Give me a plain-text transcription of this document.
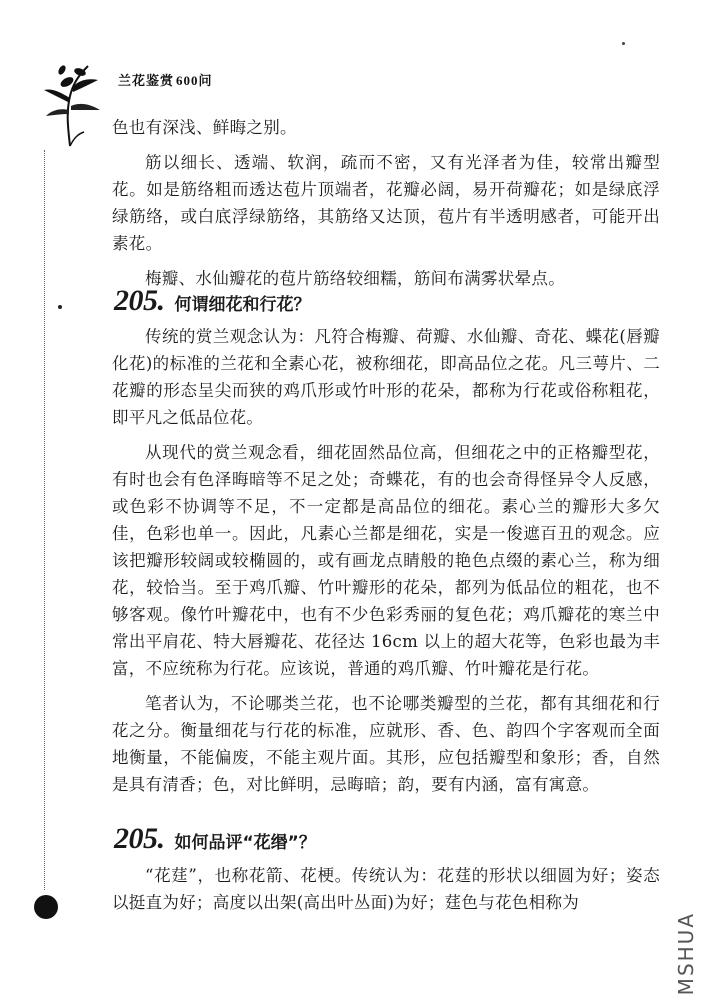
兰花鉴赏 600问

色也有深浅、鲜晦之别。

筋以细长、透端、软润，疏而不密，又有光泽者为佳，较常出瓣型花。如是筋络粗而透达苞片顶端者，花瓣必阔，易开荷瓣花；如是绿底浮绿筋络，或白底浮绿筋络，其筋络又达顶，苞片有半透明感者，可能开出素花。

梅瓣、水仙瓣花的苞片筋络较细糯，筋间布满雾状晕点。

205. 何谓细花和行花？

传统的赏兰观念认为：凡符合梅瓣、荷瓣、水仙瓣、奇花、蝶花(唇瓣化花)的标准的兰花和全素心花，被称细花，即高品位之花。凡三萼片、二花瓣的形态呈尖而狭的鸡爪形或竹叶形的花朵，都称为行花或俗称粗花，即平凡之低品位花。

从现代的赏兰观念看，细花固然品位高，但细花之中的正格瓣型花，有时也会有色泽晦暗等不足之处；奇蝶花，有的也会奇得怪异令人反感，或色彩不协调等不足，不一定都是高品位的细花。素心兰的瓣形大多欠佳，色彩也单一。因此，凡素心兰都是细花，实是一俊遮百丑的观念。应该把瓣形较阔或较椭圆的，或有画龙点睛般的艳色点缀的素心兰，称为细花，较恰当。至于鸡爪瓣、竹叶瓣形的花朵，都列为低品位的粗花，也不够客观。像竹叶瓣花中，也有不少色彩秀丽的复色花；鸡爪瓣花的寒兰中常出平肩花、特大唇瓣花、花径达 16cm 以上的超大花等，色彩也最为丰富，不应统称为行花。应该说，普通的鸡爪瓣、竹叶瓣花是行花。

笔者认为，不论哪类兰花，也不论哪类瓣型的兰花，都有其细花和行花之分。衡量细花与行花的标准，应就形、香、色、韵四个字客观而全面地衡量，不能偏废，不能主观片面。其形，应包括瓣型和象形；香，自然是具有清香；色，对比鲜明，忌晦暗；韵，要有内涵，富有寓意。

205. 如何品评“花缗”？

“花莛”，也称花箭、花梗。传统认为：花莛的形状以细圆为好；姿态以挺直为好；高度以出架(高出叶丛面)为好；莛色与花色相称为

MSHUA
